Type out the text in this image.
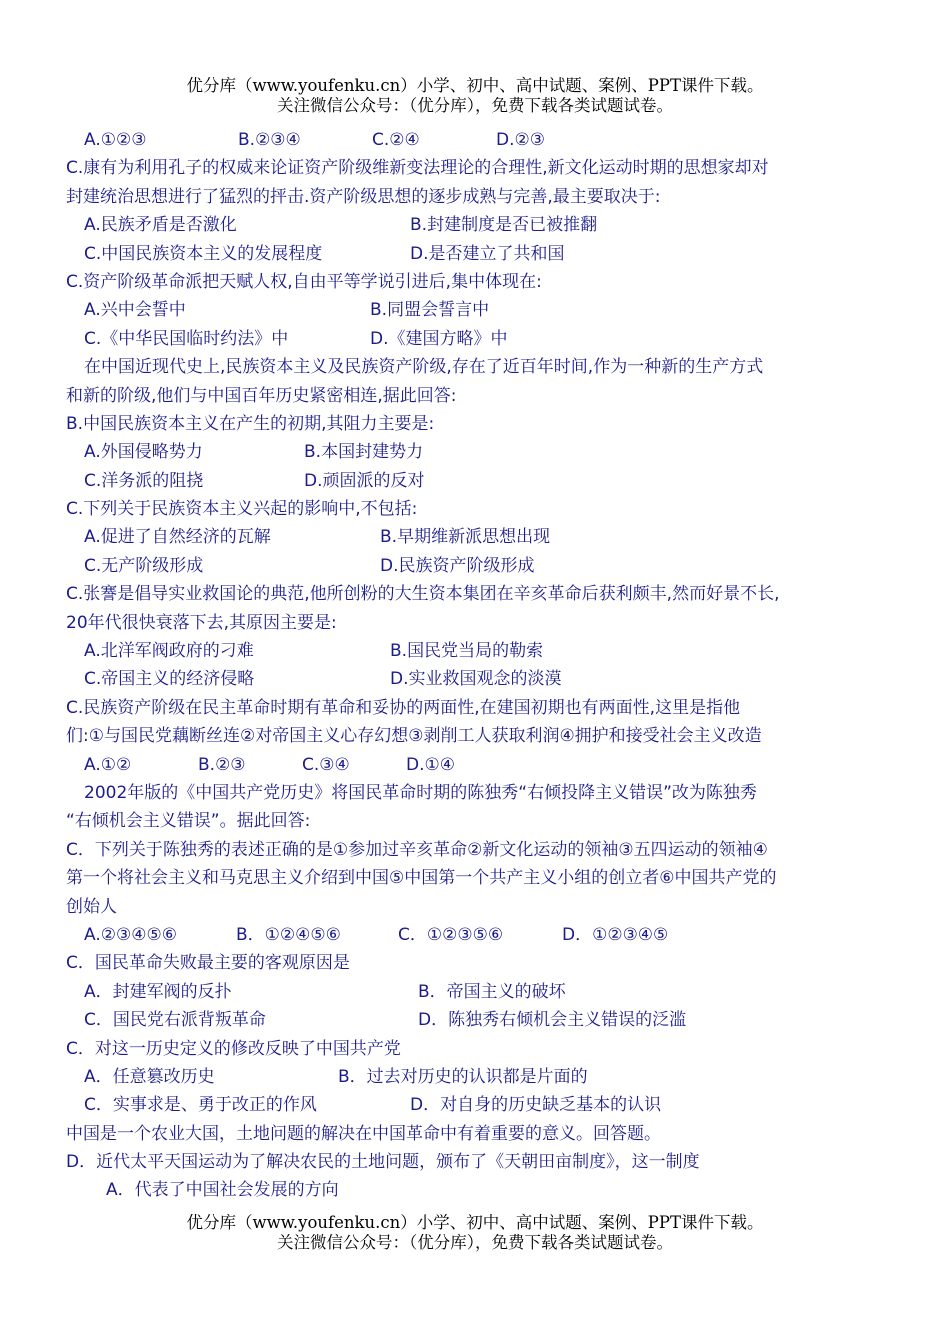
优分库（www.youfenku.cn）小学、初中、高中试题、案例、PPT课件下载。
关注微信公众号：（优分库），免费下载各类试题试卷。
A.①②③	B.②③④	C.②④	D.②③
C.康有为利用孔子的权威来论证资产阶级维新变法理论的合理性,新文化运动时期的思想家却对
封建统治思想进行了猛烈的抨击.资产阶级思想的逐步成熟与完善,最主要取决于:
A.民族矛盾是否激化	B.封建制度是否已被推翻
C.中国民族资本主义的发展程度	D.是否建立了共和国
C.资产阶级革命派把天赋人权,自由平等学说引进后,集中体现在:
A.兴中会誓中	B.同盟会誓言中
C.《中华民国临时约法》中	D.《建国方略》中
在中国近现代史上,民族资本主义及民族资产阶级,存在了近百年时间,作为一种新的生产方式
和新的阶级,他们与中国百年历史紧密相连,据此回答:
B.中国民族资本主义在产生的初期,其阻力主要是:
A.外国侵略势力	B.本国封建势力
C.洋务派的阻挠	D.顽固派的反对
C.下列关于民族资本主义兴起的影响中,不包括:
A.促进了自然经济的瓦解	B.早期维新派思想出现
C.无产阶级形成	D.民族资产阶级形成
C.张謇是倡导实业救国论的典范,他所创粉的大生资本集团在辛亥革命后获利颇丰,然而好景不长,
20年代很快衰落下去,其原因主要是:
A.北洋军阀政府的刁难	B.国民党当局的勒索
C.帝国主义的经济侵略	D.实业救国观念的淡漠
C.民族资产阶级在民主革命时期有革命和妥协的两面性,在建国初期也有两面性,这里是指他
们:①与国民党藕断丝连②对帝国主义心存幻想③剥削工人获取利润④拥护和接受社会主义改造
A.①②	B.②③	C.③④	D.①④
2002年版的《中国共产党历史》将国民革命时期的陈独秀“右倾投降主义错误”改为陈独秀
“右倾机会主义错误”。据此回答:
C．下列关于陈独秀的表述正确的是①参加过辛亥革命②新文化运动的领袖③五四运动的领袖④
第一个将社会主义和马克思主义介绍到中国⑤中国第一个共产主义小组的创立者⑥中国共产党的
创始人
A.②③④⑤⑥	B．①②④⑤⑥	C．①②③⑤⑥	D．①②③④⑤
C．国民革命失败最主要的客观原因是
A．封建军阀的反扑	B．帝国主义的破坏
C．国民党右派背叛革命	D．陈独秀右倾机会主义错误的泛滥
C．对这一历史定义的修改反映了中国共产党
A．任意篡改历史	B．过去对历史的认识都是片面的
C．实事求是、勇于改正的作风	D．对自身的历史缺乏基本的认识
中国是一个农业大国，土地问题的解决在中国革命中有着重要的意义。回答题。
D．近代太平天国运动为了解决农民的土地问题，颁布了《天朝田亩制度》，这一制度
A．代表了中国社会发展的方向
优分库（www.youfenku.cn）小学、初中、高中试题、案例、PPT课件下载。
关注微信公众号：（优分库），免费下载各类试题试卷。
